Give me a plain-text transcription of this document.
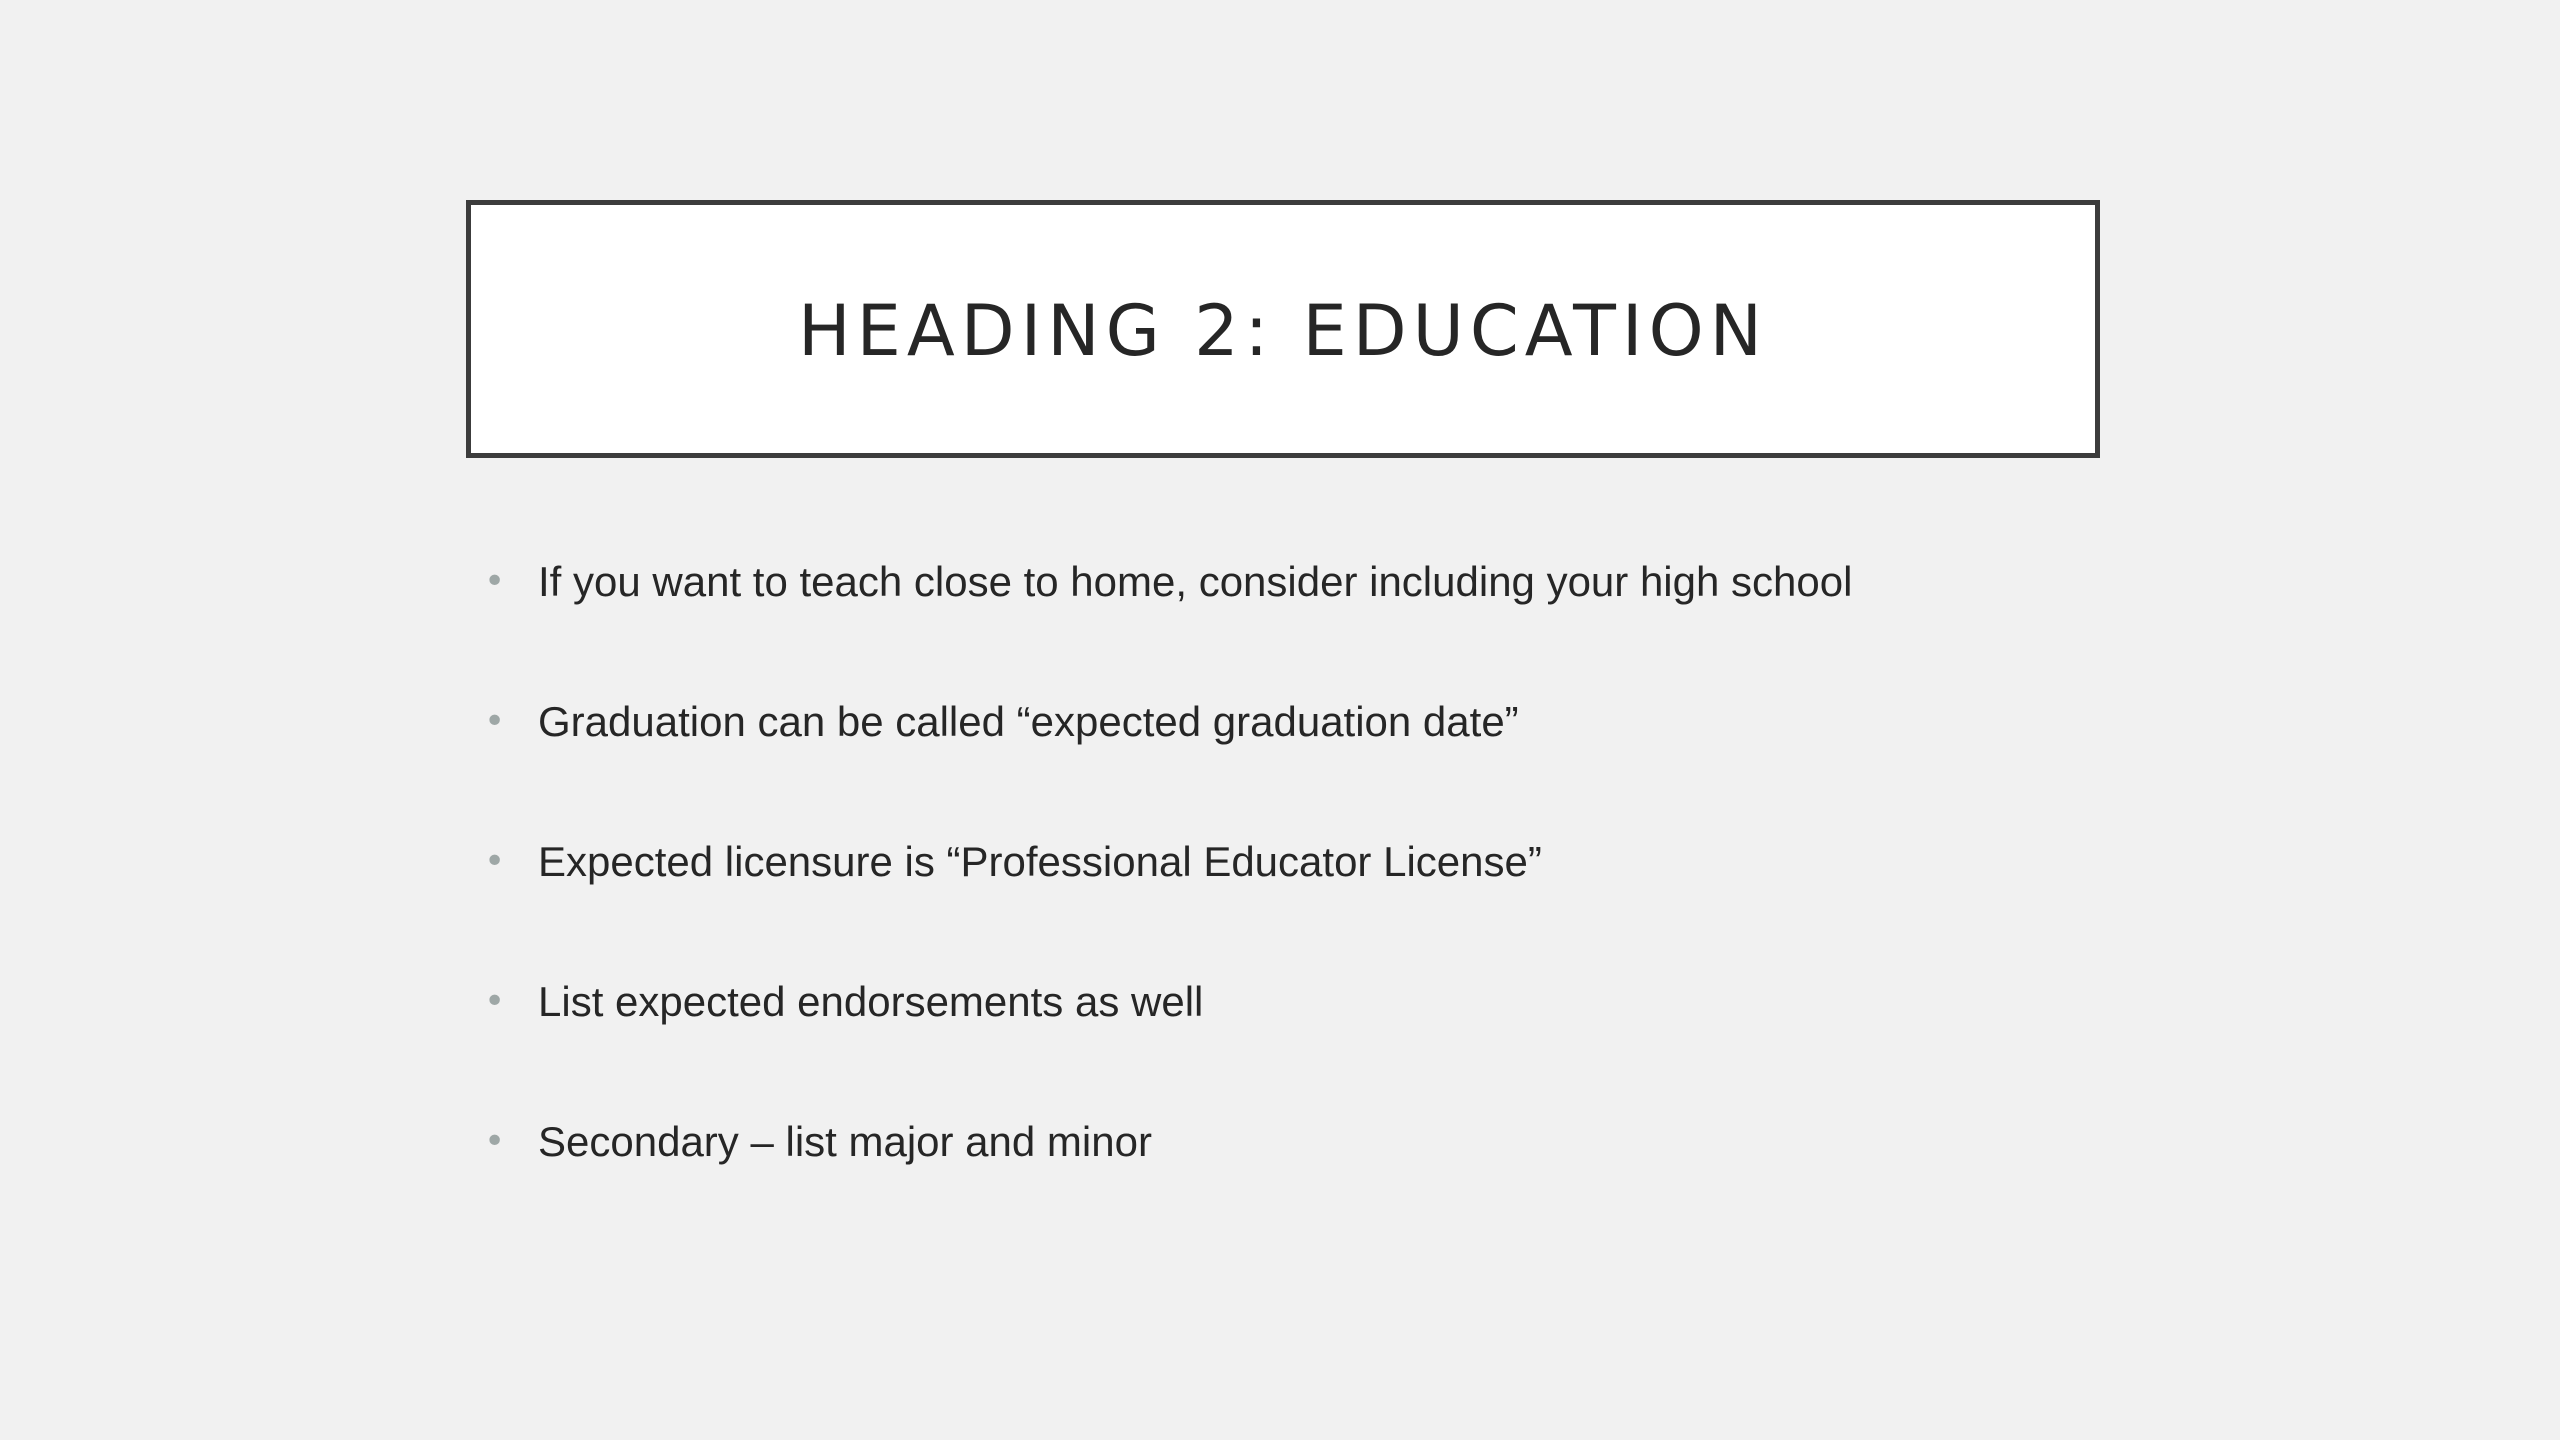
HEADING 2: EDUCATION
• If you want to teach close to home, consider including your high school
• Graduation can be called “expected graduation date”
• Expected licensure is “Professional Educator License”
• List expected endorsements as well
• Secondary – list major and minor
